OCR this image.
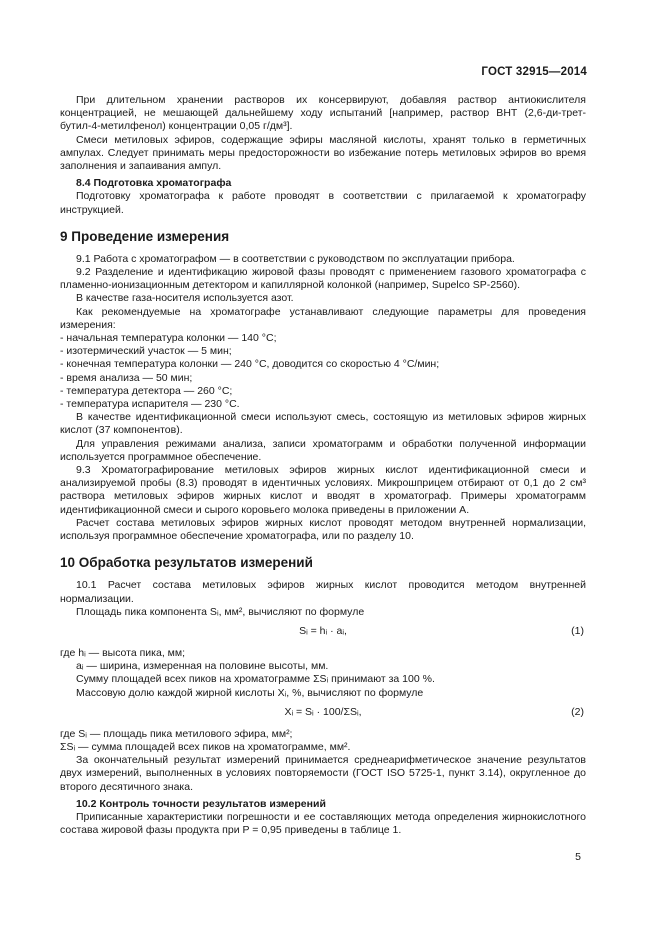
ГОСТ 32915—2014

При длительном хранении растворов их консервируют, добавляя раствор антиокислителя концентрацией, не мешающей дальнейшему ходу испытаний [например, раствор ВНТ (2,6-ди-трет-бутил-4-метилфенол) концентрации 0,05 г/дм³].

Смеси метиловых эфиров, содержащие эфиры масляной кислоты, хранят только в герметичных ампулах. Следует принимать меры предосторожности во избежание потерь метиловых эфиров во время заполнения и запаивания ампул.

8.4 Подготовка хроматографа

Подготовку хроматографа к работе проводят в соответствии с прилагаемой к хроматографу инструкцией.

9 Проведение измерения

9.1 Работа с хроматографом — в соответствии с руководством по эксплуатации прибора.

9.2 Разделение и идентификацию жировой фазы проводят с применением газового хроматографа с пламенно-ионизационным детектором и капиллярной колонкой (например, Supelco SP-2560).

В качестве газа-носителя используется азот.

Как рекомендуемые на хроматографе устанавливают следующие параметры для проведения измерения:

- начальная температура колонки — 140 °С;

- изотермический участок — 5 мин;

- конечная температура колонки — 240 °С, доводится со скоростью 4 °С/мин;

- время анализа — 50 мин;

- температура детектора — 260 °С;

- температура испарителя — 230 °С.

В качестве идентификационной смеси используют смесь, состоящую из метиловых эфиров жирных кислот (37 компонентов).

Для управления режимами анализа, записи хроматограмм и обработки полученной информации используется программное обеспечение.

9.3 Хроматографирование метиловых эфиров жирных кислот идентификационной смеси и анализируемой пробы (8.3) проводят в идентичных условиях. Микрошприцем отбирают от 0,1 до 2 см³ раствора метиловых эфиров жирных кислот и вводят в хроматограф. Примеры хроматограмм идентификационной смеси и сырого коровьего молока приведены в приложении А.

Расчет состава метиловых эфиров жирных кислот проводят методом внутренней нормализации, используя программное обеспечение хроматографа, или по разделу 10.

10 Обработка результатов измерений

10.1 Расчет состава метиловых эфиров жирных кислот проводится методом внутренней нормализации.

Площадь пика компонента Sᵢ, мм², вычисляют по формуле

Sᵢ = hᵢ · aᵢ,	(1)

где hᵢ — высота пика, мм;

aᵢ — ширина, измеренная на половине высоты, мм.

Сумму площадей всех пиков на хроматограмме ΣSᵢ принимают за 100 %.

Массовую долю каждой жирной кислоты Xᵢ, %, вычисляют по формуле

Xᵢ = Sᵢ · 100/ΣSᵢ,	(2)

где Sᵢ — площадь пика метилового эфира, мм²;

ΣSᵢ — сумма площадей всех пиков на хроматограмме, мм².

За окончательный результат измерений принимается среднеарифметическое значение результатов двух измерений, выполненных в условиях повторяемости (ГОСТ ISO 5725-1, пункт 3.14), округленное до второго десятичного знака.

10.2 Контроль точности результатов измерений

Приписанные характеристики погрешности и ее составляющих метода определения жирнокислотного состава жировой фазы продукта при P = 0,95 приведены в таблице 1.

5
